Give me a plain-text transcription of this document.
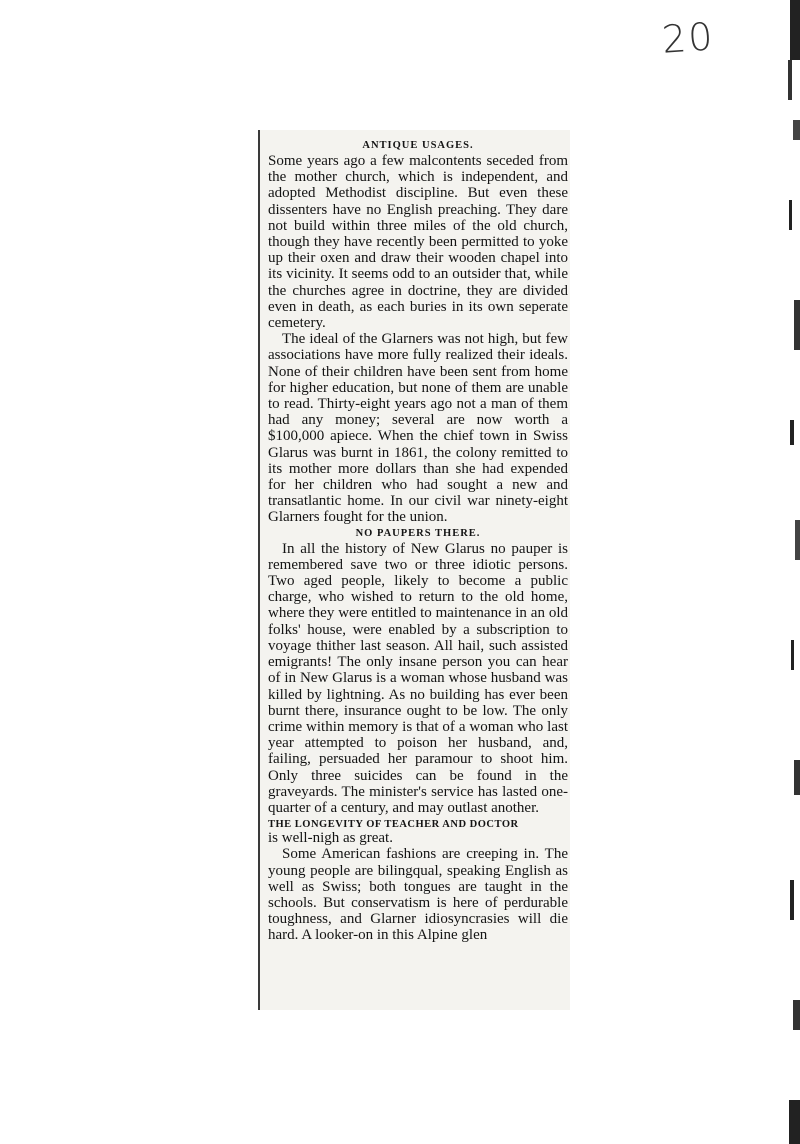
20
ANTIQUE USAGES.

Some years ago a few malcontents seceded from the mother church, which is independent, and adopted Methodist discipline. But even these dissenters have no English preaching. They dare not build within three miles of the old church, though they have recently been permitted to yoke up their oxen and draw their wooden chapel into its vicinity. It seems odd to an outsider that, while the churches agree in doctrine, they are divided even in death, as each buries in its own seperate cemetery.

The ideal of the Glarners was not high, but few associations have more fully realized their ideals. None of their children have been sent from home for higher education, but none of them are unable to read. Thirty-eight years ago not a man of them had any money; several are now worth a $100,000 apiece. When the chief town in Swiss Glarus was burnt in 1861, the colony remitted to its mother more dollars than she had expended for her children who had sought a new and transatlantic home. In our civil war ninety-eight Glarners fought for the union.

NO PAUPERS THERE.

In all the history of New Glarus no pauper is remembered save two or three idiotic persons. Two aged people, likely to become a public charge, who wished to return to the old home, where they were entitled to maintenance in an old folks' house, were enabled by a subscription to voyage thither last season. All hail, such assisted emigrants! The only insane person you can hear of in New Glarus is a woman whose husband was killed by lightning. As no building has ever been burnt there, insurance ought to be low. The only crime within memory is that of a woman who last year attempted to poison her husband, and, failing, persuaded her paramour to shoot him. Only three suicides can be found in the graveyards. The minister's service has lasted one-quarter of a century, and may outlast another.

THE LONGEVITY OF TEACHER AND DOCTOR

is well-nigh as great.

Some American fashions are creeping in. The young people are bilingqual, speaking English as well as Swiss; both tongues are taught in the schools. But conservatism is here of perdurable toughness, and Glarner idiosyncrasies will die hard. A looker-on in this Alpine glen
